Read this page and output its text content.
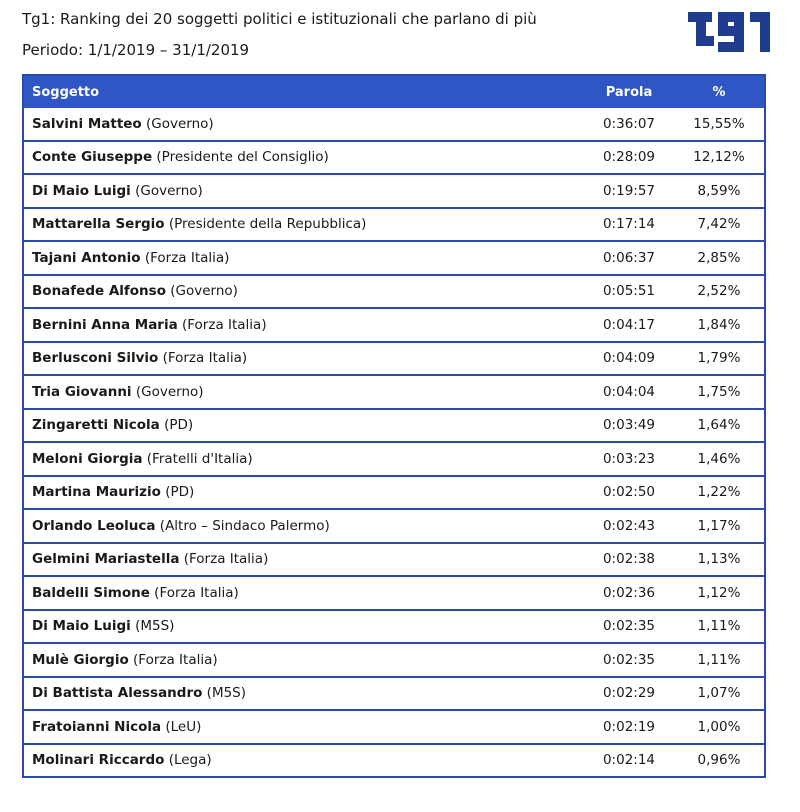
Tg1: Ranking dei 20 soggetti politici e istituzionali che parlano di più
Periodo: 1/1/2019 – 31/1/2019
Soggetto	Parola	%
Salvini Matteo (Governo)	0:36:07	15,55%
Conte Giuseppe (Presidente del Consiglio)	0:28:09	12,12%
Di Maio Luigi (Governo)	0:19:57	8,59%
Mattarella Sergio (Presidente della Repubblica)	0:17:14	7,42%
Tajani Antonio (Forza Italia)	0:06:37	2,85%
Bonafede Alfonso (Governo)	0:05:51	2,52%
Bernini Anna Maria (Forza Italia)	0:04:17	1,84%
Berlusconi Silvio (Forza Italia)	0:04:09	1,79%
Tria Giovanni (Governo)	0:04:04	1,75%
Zingaretti Nicola (PD)	0:03:49	1,64%
Meloni Giorgia (Fratelli d'Italia)	0:03:23	1,46%
Martina Maurizio (PD)	0:02:50	1,22%
Orlando Leoluca (Altro – Sindaco Palermo)	0:02:43	1,17%
Gelmini Mariastella (Forza Italia)	0:02:38	1,13%
Baldelli Simone (Forza Italia)	0:02:36	1,12%
Di Maio Luigi (M5S)	0:02:35	1,11%
Mulè Giorgio (Forza Italia)	0:02:35	1,11%
Di Battista Alessandro (M5S)	0:02:29	1,07%
Fratoianni Nicola (LeU)	0:02:19	1,00%
Molinari Riccardo (Lega)	0:02:14	0,96%
